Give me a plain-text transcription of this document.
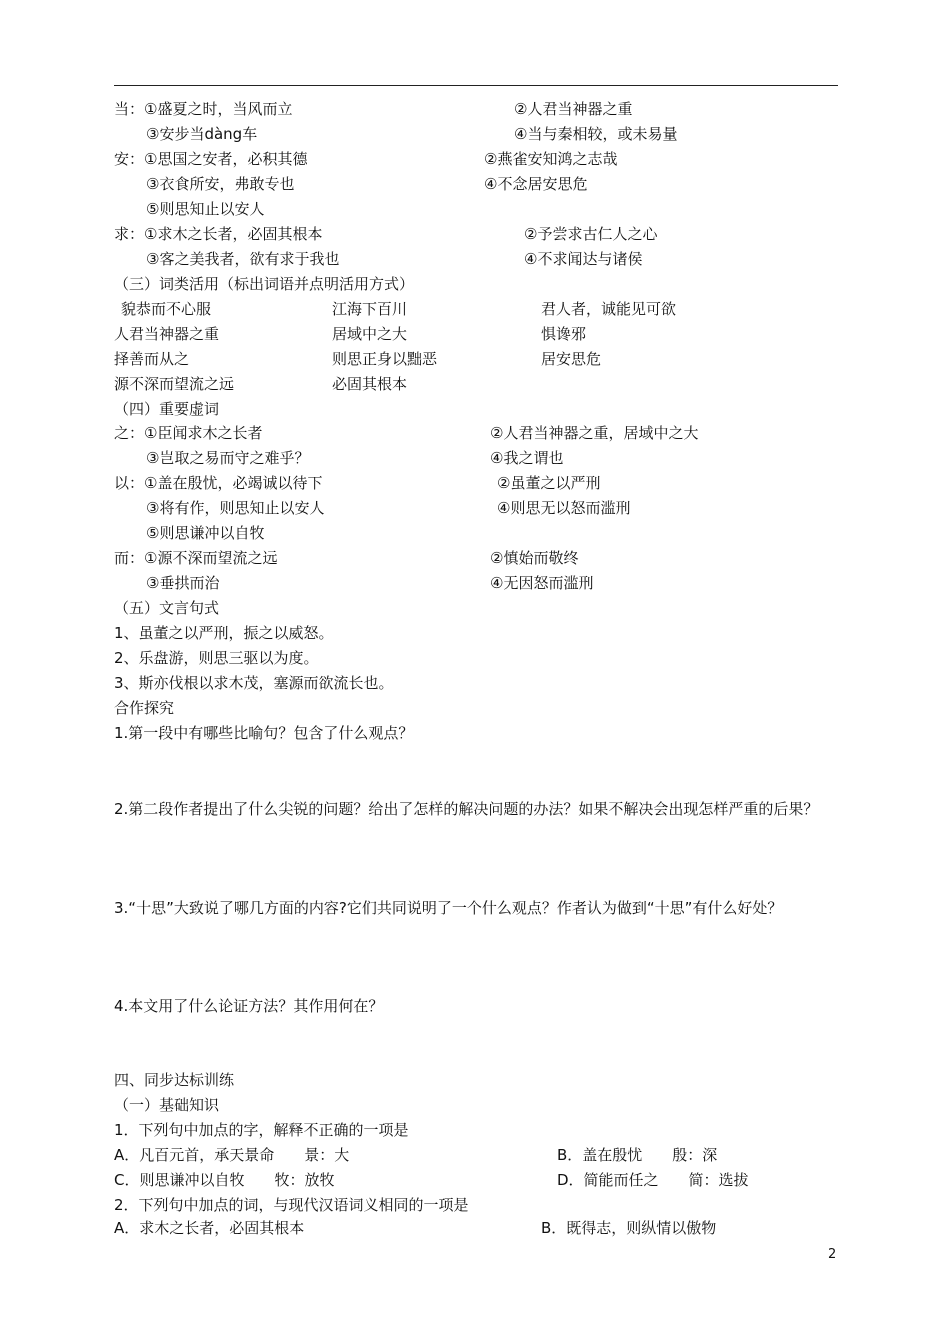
当：①盛夏之时，当风而立	②人君当神器之重
③安步当dàng车	④当与秦相较，或未易量
安：①思国之安者，必积其德	②燕雀安知鸿之志哉
③衣食所安，弗敢专也	④不念居安思危
⑤则思知止以安人
求：①求木之长者，必固其根本	②予尝求古仁人之心
③客之美我者，欲有求于我也	④不求闻达与诸侯
（三）词类活用（标出词语并点明活用方式）
貌恭而不心服	江海下百川	君人者，诚能见可欲
人君当神器之重	居域中之大	惧谗邪
择善而从之	则思正身以黜恶	居安思危
源不深而望流之远	必固其根本
（四）重要虚词
之：①臣闻求木之长者	②人君当神器之重，居域中之大
③岂取之易而守之难乎？	④我之谓也
以：①盖在殷忧，必竭诚以待下	②虽董之以严刑
③将有作，则思知止以安人	④则思无以怒而滥刑
⑤则思谦冲以自牧
而：①源不深而望流之远	②慎始而敬终
③垂拱而治	④无因怒而滥刑
（五）文言句式
1、虽董之以严刑，振之以威怒。
2、乐盘游，则思三驱以为度。
3、斯亦伐根以求木茂，塞源而欲流长也。
合作探究
1.第一段中有哪些比喻句？包含了什么观点？
2.第二段作者提出了什么尖锐的问题？给出了怎样的解决问题的办法？如果不解决会出现怎样严重的后果？
3.“十思”大致说了哪几方面的内容?它们共同说明了一个什么观点？作者认为做到“十思”有什么好处？
4.本文用了什么论证方法？其作用何在？
四、同步达标训练
（一）基础知识
1．下列句中加点的字，解释不正确的一项是
A．凡百元首，承天景命　　景：大	B．盖在殷忧　　殷：深
C．则思谦冲以自牧　　牧：放牧	D．简能而任之　　简：选拔
2．下列句中加点的词，与现代汉语词义相同的一项是
A．求木之长者，必固其根本	B．既得志，则纵情以傲物
2
